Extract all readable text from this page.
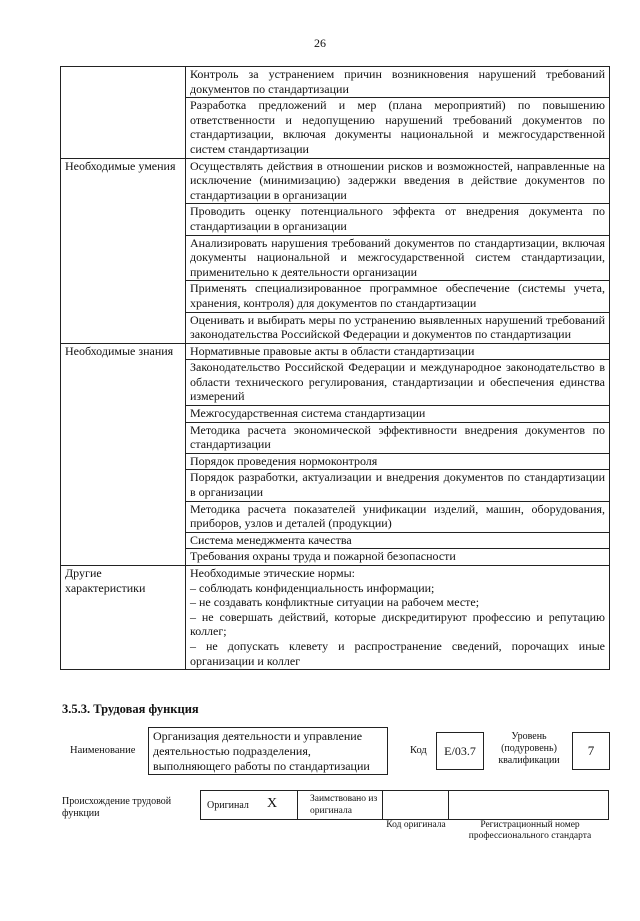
26
	Контроль за устранением причин возникновения нарушений требований документов по стандартизации
	Разработка предложений и мер (плана мероприятий) по повышению ответственности и недопущению нарушений требований документов по стандартизации, включая документы национальной и межгосударственной систем стандартизации
Необходимые умения	Осуществлять действия в отношении рисков и возможностей, направленные на исключение (минимизацию) задержки введения в действие документов по стандартизации в организации
	Проводить оценку потенциального эффекта от внедрения документа по стандартизации в организации
	Анализировать нарушения требований документов по стандартизации, включая документы национальной и межгосударственной систем стандартизации, применительно к деятельности организации
	Применять специализированное программное обеспечение (системы учета, хранения, контроля) для документов по стандартизации
	Оценивать и выбирать меры по устранению выявленных нарушений требований законодательства Российской Федерации и документов по стандартизации
Необходимые знания	Нормативные правовые акты в области стандартизации
	Законодательство Российской Федерации и международное законодательство в области технического регулирования, стандартизации и обеспечения единства измерений
	Межгосударственная система стандартизации
	Методика расчета экономической эффективности внедрения документов по стандартизации
	Порядок проведения нормоконтроля
	Порядок разработки, актуализации и внедрения документов по стандартизации в организации
	Методика расчета показателей унификации изделий, машин, оборудования, приборов, узлов и деталей (продукции)
	Система менеджмента качества
	Требования охраны труда и пожарной безопасности
Другие характеристики	Необходимые этические нормы:
– соблюдать конфиденциальность информации;
– не создавать конфликтные ситуации на рабочем месте;
– не совершать действий, которые дискредитируют профессию и репутацию коллег;
– не допускать клевету и распространение сведений, порочащих иные организации и коллег
3.5.3. Трудовая функция
Наименование
Организация деятельности и управление деятельностью подразделения, выполняющего работы по стандартизации
Код	E/03.7
Уровень (подуровень) квалификации
7
Происхождение трудовой функции
Оригинал X	Заимствовано из оригинала
Код оригинала	Регистрационный номер профессионального стандарта
